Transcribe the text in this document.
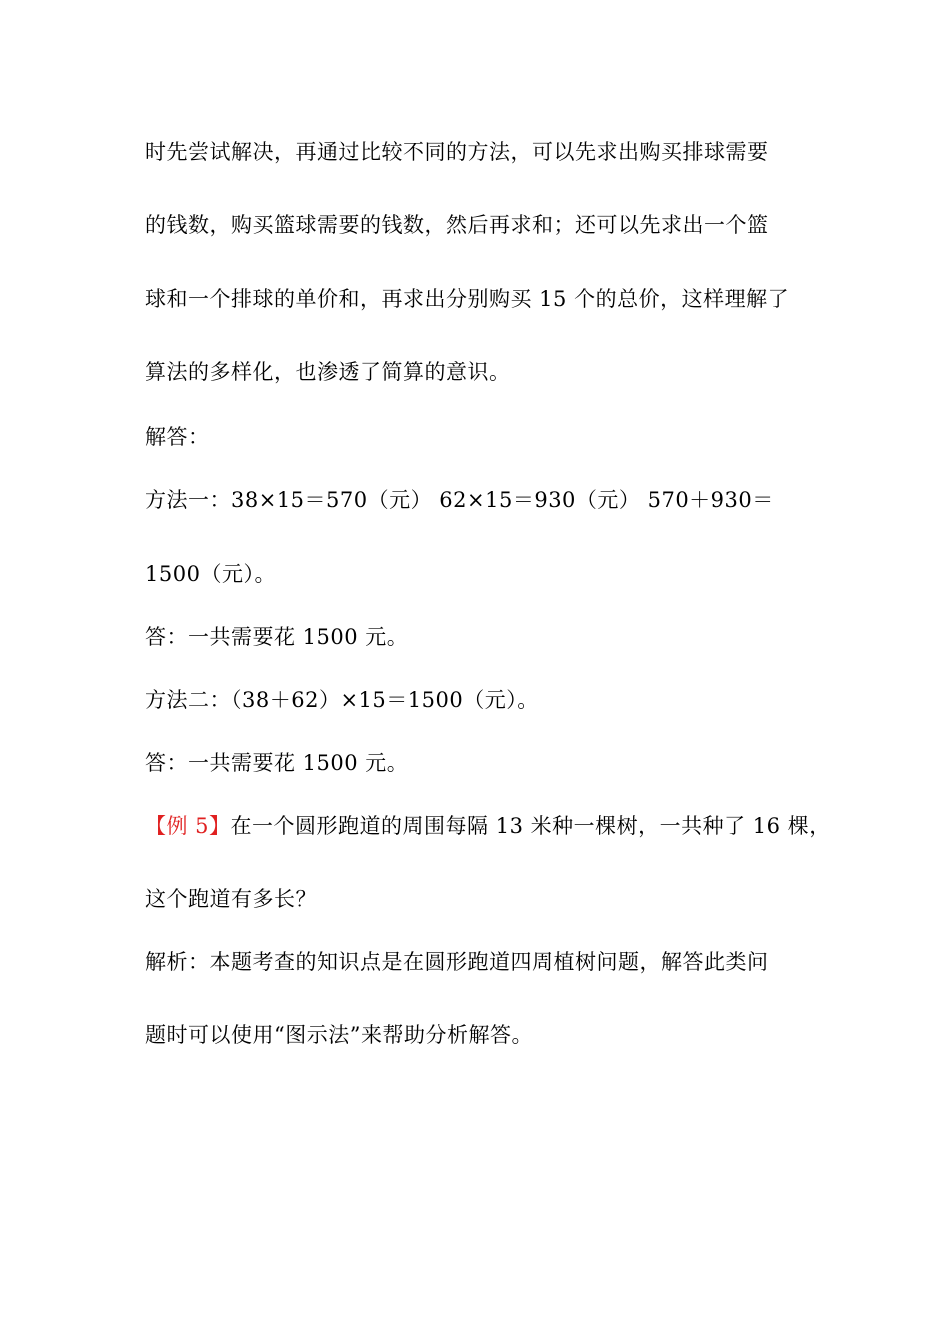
时先尝试解决，再通过比较不同的方法，可以先求出购买排球需要
的钱数，购买篮球需要的钱数，然后再求和；还可以先求出一个篮
球和一个排球的单价和，再求出分别购买 15 个的总价，这样理解了
算法的多样化，也渗透了简算的意识。
解答：
方法一：38×15＝570（元） 62×15＝930（元） 570＋930＝
1500（元）。
答：一共需要花 1500 元。
方法二：（38＋62）×15＝1500（元）。
答：一共需要花 1500 元。
【例 5】在一个圆形跑道的周围每隔 13 米种一棵树，一共种了 16 棵，
这个跑道有多长？
解析：本题考查的知识点是在圆形跑道四周植树问题，解答此类问
题时可以使用“图示法”来帮助分析解答。
